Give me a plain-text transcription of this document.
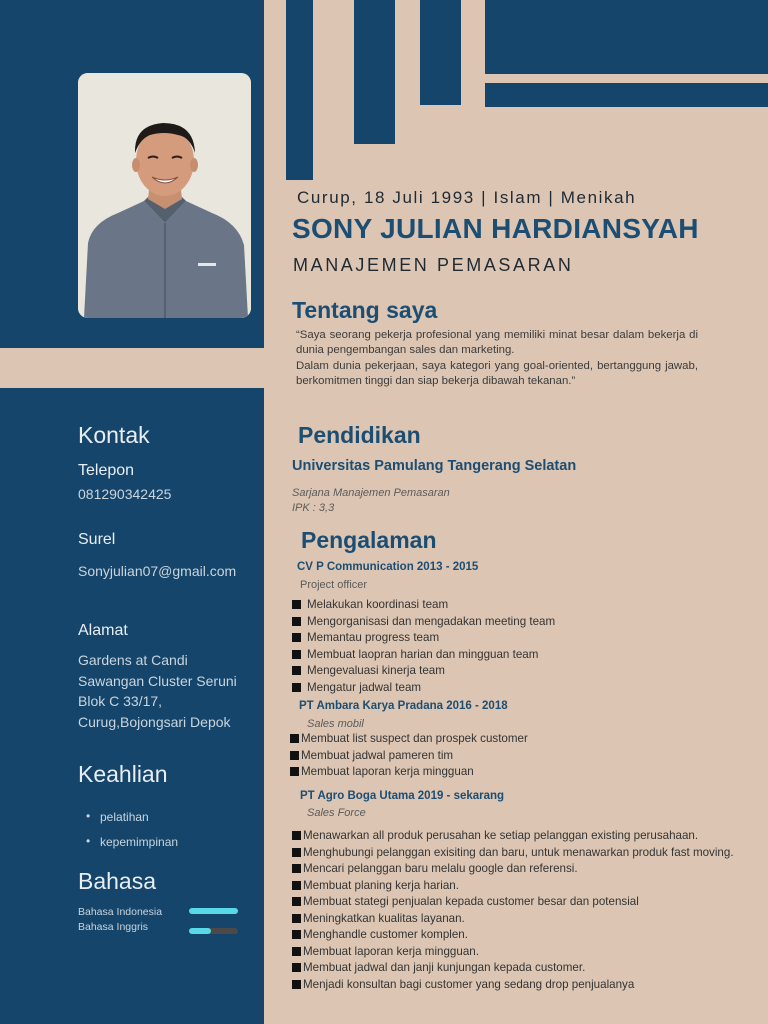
Kontak
Telepon
081290342425
Surel
Sonyjulian07@gmail.com
Alamat
Gardens at Candi
Sawangan Cluster Seruni
Blok C 33/17,
Curug,Bojongsari Depok
Keahlian
• pelatihan
• kepemimpinan
Bahasa
Bahasa Indonesia
Bahasa Inggris
Curup, 18 Juli 1993 | Islam | Menikah
SONY JULIAN HARDIANSYAH
MANAJEMEN PEMASARAN
Tentang saya
“Saya seorang pekerja profesional yang memiliki minat besar dalam bekerja di dunia pengembangan sales dan marketing.
Dalam dunia pekerjaan, saya kategori yang goal-oriented, bertanggung jawab, berkomitmen tinggi dan siap bekerja dibawah tekanan.”
Pendidikan
Universitas Pamulang Tangerang Selatan
Sarjana Manajemen Pemasaran
IPK : 3,3
Pengalaman
CV P Communication 2013 - 2015
Project officer
Melakukan koordinasi team
Mengorganisasi dan mengadakan meeting team
Memantau progress team
Membuat laopran harian dan mingguan team
Mengevaluasi kinerja team
Mengatur jadwal team
PT Ambara Karya Pradana 2016 - 2018
Sales mobil
Membuat list suspect dan prospek customer
Membuat jadwal pameren tim
Membuat laporan kerja mingguan
PT Agro Boga Utama 2019 - sekarang
Sales Force
Menawarkan all produk perusahan ke setiap pelanggan existing perusahaan.
Menghubungi pelanggan exisiting dan baru, untuk menawarkan produk fast moving.
Mencari pelanggan baru melalu google dan referensi.
Membuat planing kerja harian.
Membuat stategi penjualan kepada customer besar dan potensial
Meningkatkan kualitas layanan.
Menghandle customer komplen.
Membuat laporan kerja mingguan.
Membuat jadwal dan janji kunjungan kepada customer.
Menjadi konsultan bagi customer yang sedang drop penjualanya
